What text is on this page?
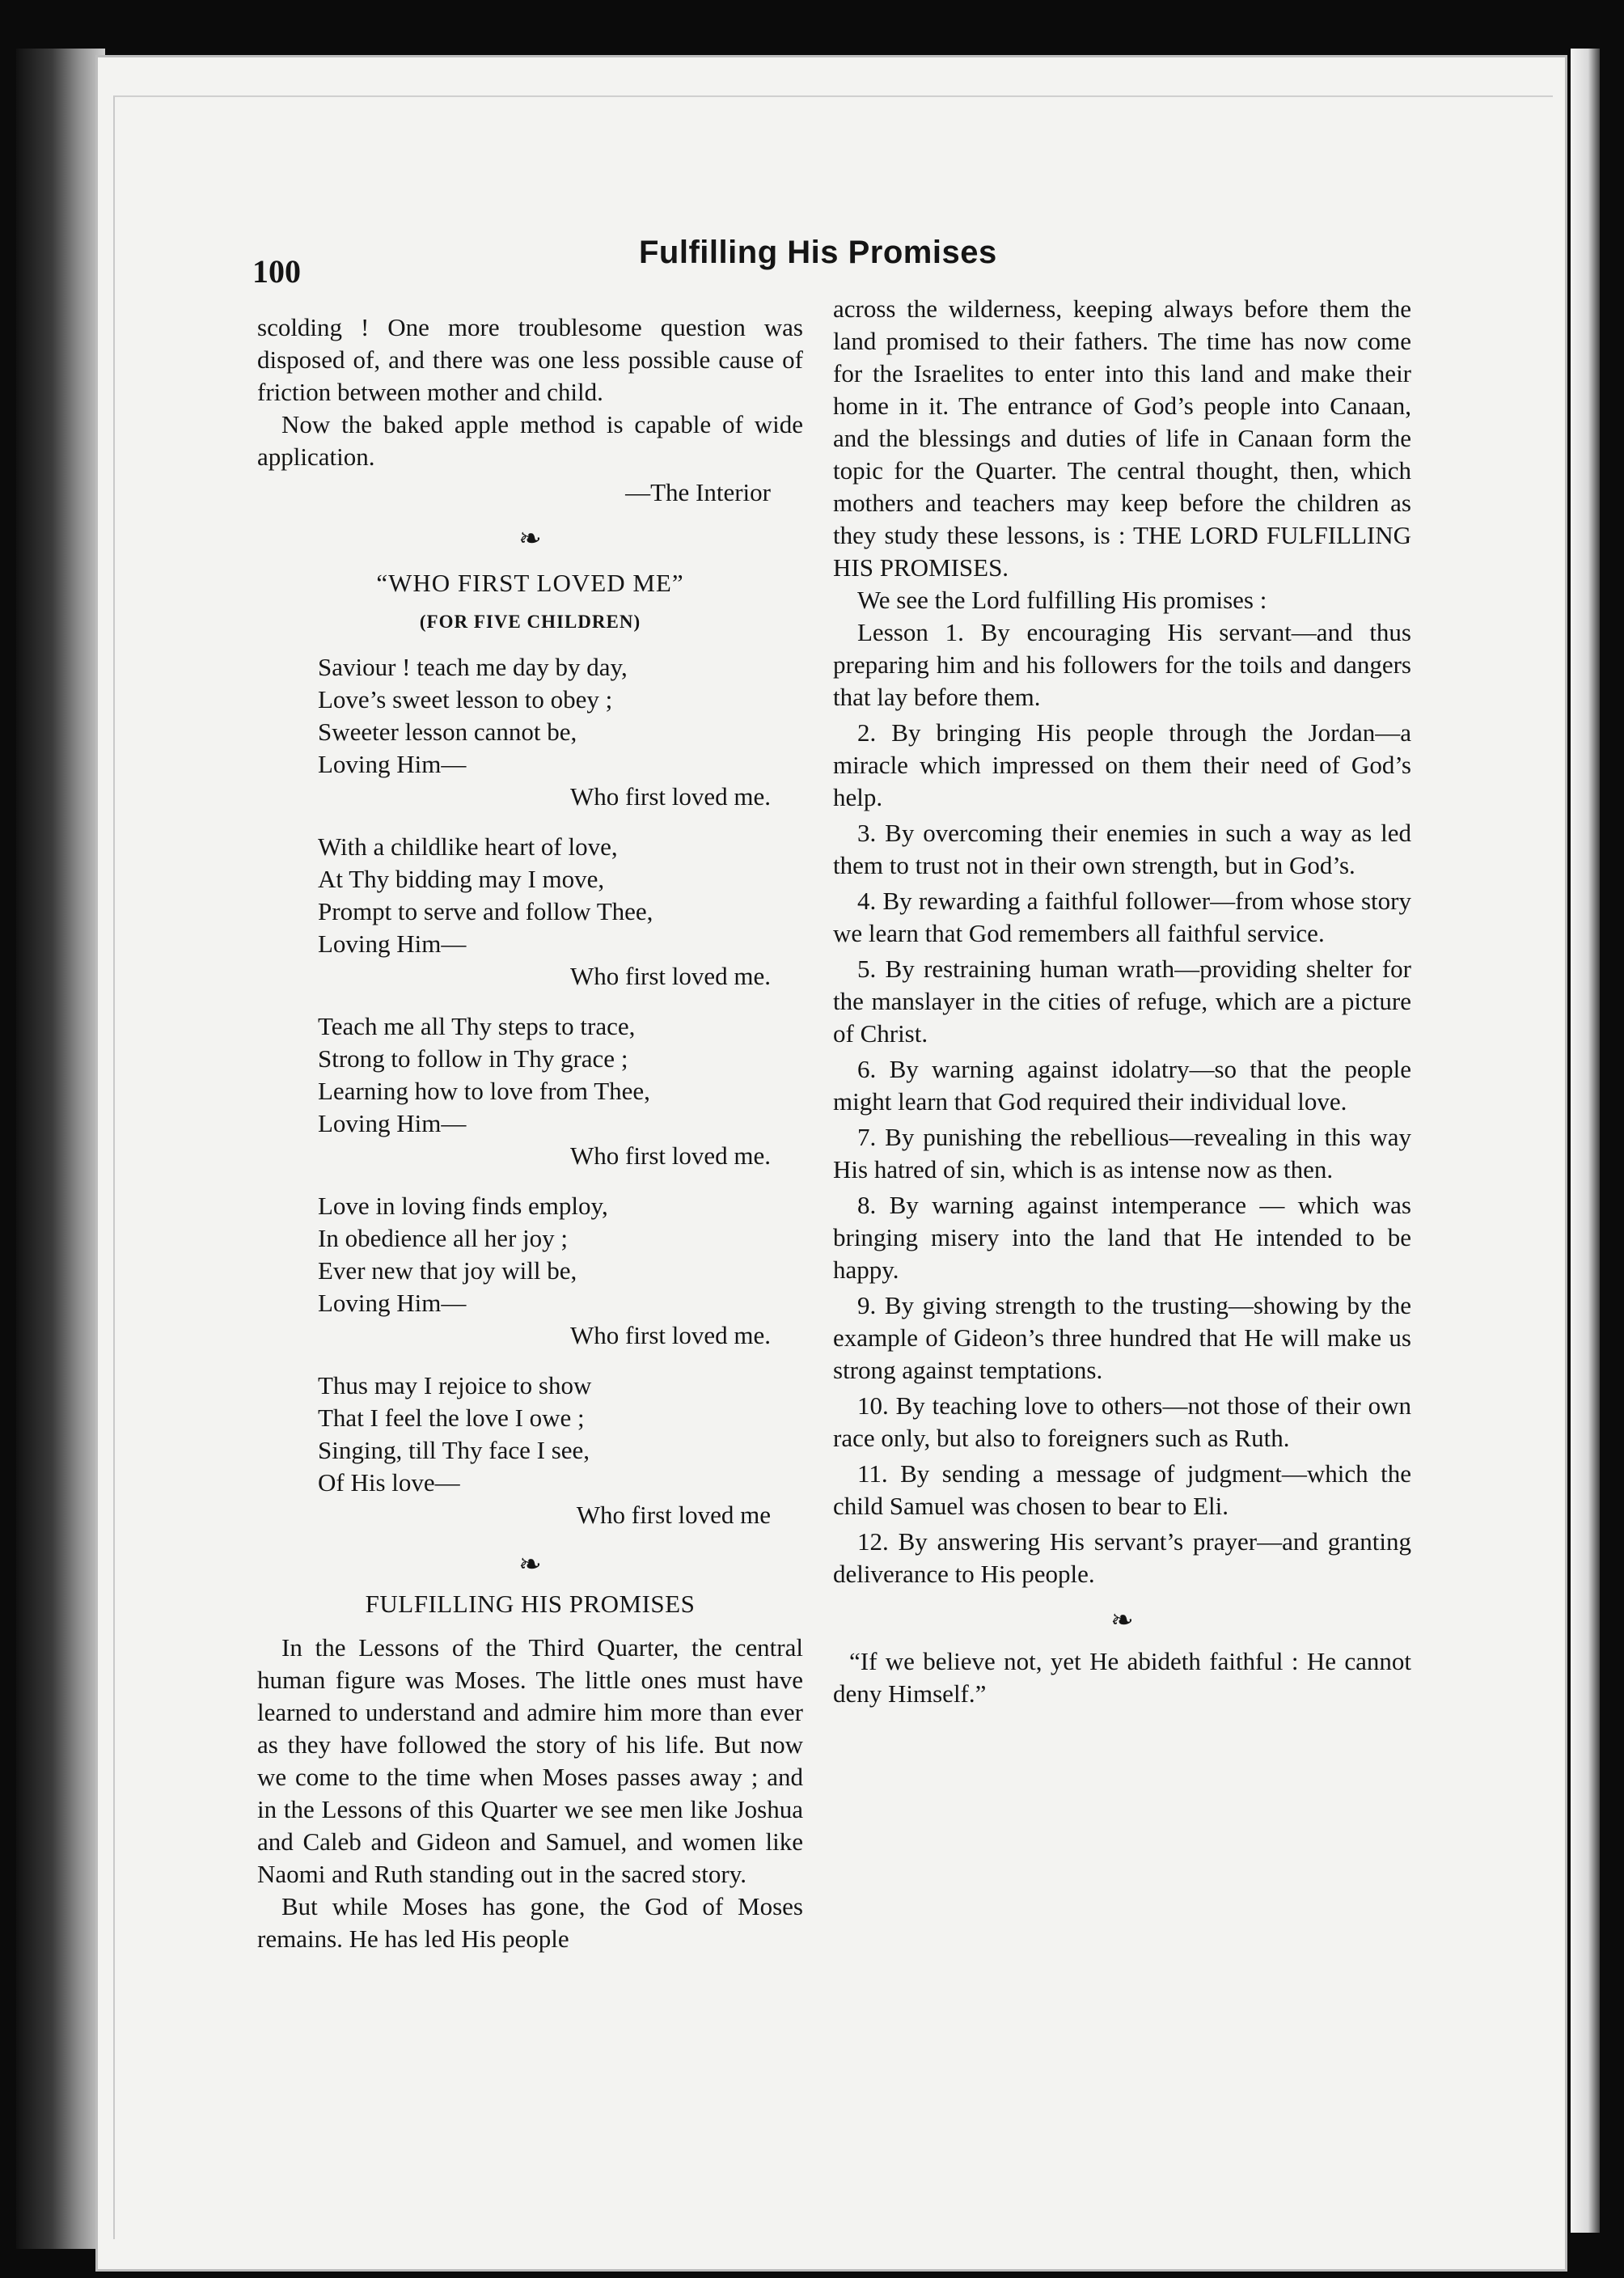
100
Fulfilling His Promises

scolding ! One more troublesome question was disposed of, and there was one less possible cause of friction between mother and child.

Now the baked apple method is capable of wide application.

—The Interior
❧
“WHO FIRST LOVED ME”
(FOR FIVE CHILDREN)
Saviour ! teach me day by day,
Love’s sweet lesson to obey ;
Sweeter lesson cannot be,
Loving Him—
Who first loved me.
With a childlike heart of love,
At Thy bidding may I move,
Prompt to serve and follow Thee,
Loving Him—
Who first loved me.
Teach me all Thy steps to trace,
Strong to follow in Thy grace ;
Learning how to love from Thee,
Loving Him—
Who first loved me.
Love in loving finds employ,
In obedience all her joy ;
Ever new that joy will be,
Loving Him—
Who first loved me.
Thus may I rejoice to show
That I feel the love I owe ;
Singing, till Thy face I see,
Of His love—
Who first loved me
❧
FULFILLING HIS PROMISES

In the Lessons of the Third Quarter, the central human figure was Moses. The little ones must have learned to understand and admire him more than ever as they have followed the story of his life. But now we come to the time when Moses passes away ; and in the Lessons of this Quarter we see men like Joshua and Caleb and Gideon and Samuel, and women like Naomi and Ruth standing out in the sacred story.

But while Moses has gone, the God of Moses remains. He has led His people

across the wilderness, keeping always before them the land promised to their fathers. The time has now come for the Israelites to enter into this land and make their home in it. The entrance of God’s people into Canaan, and the blessings and duties of life in Canaan form the topic for the Quarter. The central thought, then, which mothers and teachers may keep before the children as they study these lessons, is : THE LORD FULFILLING HIS PROMISES.

We see the Lord fulfilling His promises :

Lesson 1. By encouraging His servant—and thus preparing him and his followers for the toils and dangers that lay before them.

2. By bringing His people through the Jordan—a miracle which impressed on them their need of God’s help.

3. By overcoming their enemies in such a way as led them to trust not in their own strength, but in God’s.

4. By rewarding a faithful follower—from whose story we learn that God remembers all faithful service.

5. By restraining human wrath—providing shelter for the manslayer in the cities of refuge, which are a picture of Christ.

6. By warning against idolatry—so that the people might learn that God required their individual love.

7. By punishing the rebellious—revealing in this way His hatred of sin, which is as intense now as then.

8. By warning against intemperance — which was bringing misery into the land that He intended to be happy.

9. By giving strength to the trusting—showing by the example of Gideon’s three hundred that He will make us strong against temptations.

10. By teaching love to others—not those of their own race only, but also to foreigners such as Ruth.

11. By sending a message of judgment—which the child Samuel was chosen to bear to Eli.

12. By answering His servant’s prayer—and granting deliverance to His people.

❧

“If we believe not, yet He abideth faithful : He cannot deny Himself.”
